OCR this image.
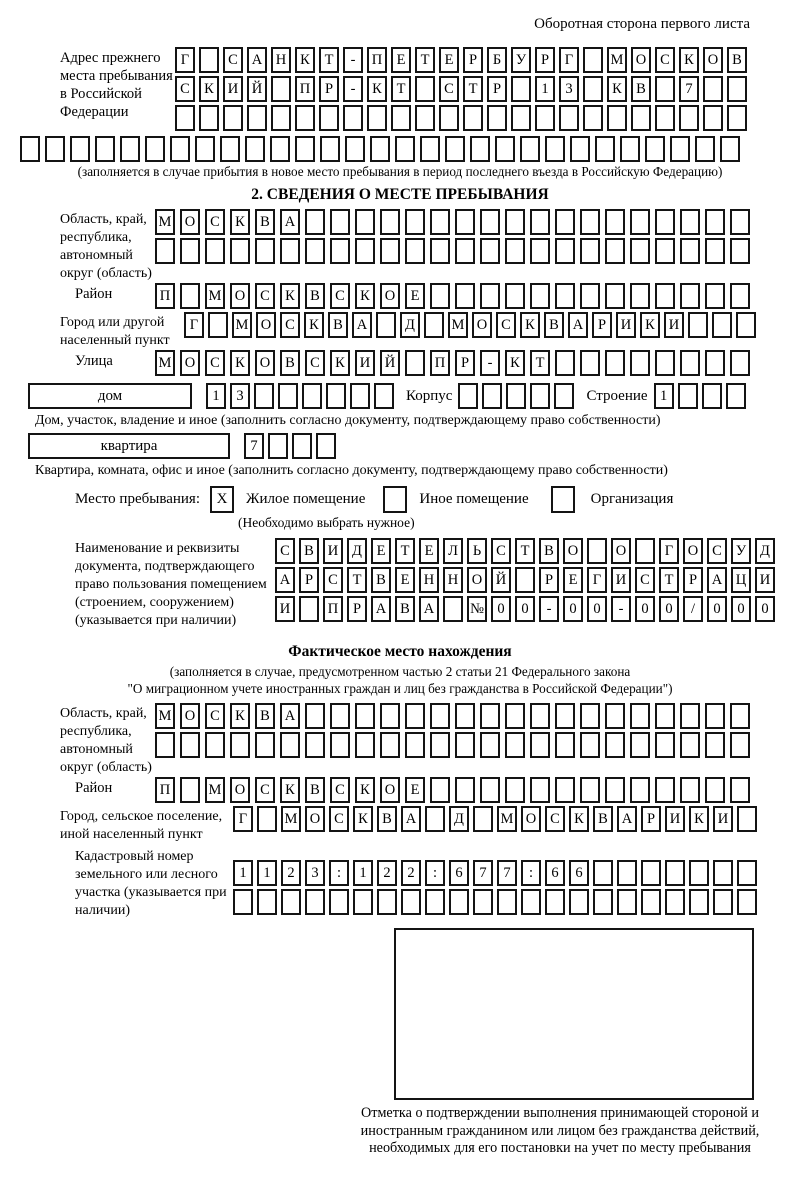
Оборотная сторона первого листа
Адрес прежнего места пребывания в Российской Федерации
Г	С А Н К	Т	-	П Е	Т	Е	Р	Б	У	Р	Г	М О С К О В
С К И Й	П	Р	-	К	Т	С	Т	Р	1	3	К В	7
(заполняется в случае прибытия в новое место пребывания в период последнего въезда в Российскую Федерацию)
2. СВЕДЕНИЯ О МЕСТЕ ПРЕБЫВАНИЯ
Область, край, республика, автономный округ (область)
М О	С	К	В	А
Район	П	М О	С	К	В	С	К	О	Е
Город или другой населенный пункт
Г	М О С К В А	Д	М О С К В А	Р	И К И
Улица	М О	С	К	О	В	С	К	И	Й	П	Р	-	К	Т
дом	1	3	Корпус	Строение 1
Дом, участок, владение и иное (заполнить согласно документу, подтверждающему право собственности)
квартира	7
Квартира, комната, офис и иное (заполнить согласно документу, подтверждающему право собственности)
Место пребывания:	X	Жилое помещение	Иное помещение	Организация
(Необходимо выбрать нужное)
Наименование и реквизиты документа, подтверждающего право пользования помещением (строением, сооружением) (указывается при наличии)
С В И Д	Е	Т	Е	Л	Ь	С	Т	В О	О	Г	О С У Д
А	Р	С	Т	В	Е Н Н О Й	Р	Е	Г	И С	Т	Р	А Ц И
И	П	Р	А В А	№ 0	0	-	0	0	-	0	0	/	0	0	0
Фактическое место нахождения
(заполняется в случае, предусмотренном частью 2 статьи 21 Федерального закона
"О миграционном учете иностранных граждан и лиц без гражданства в Российской Федерации")
Область, край, республика, автономный округ (область)
М О	С	К	В	А
Район	П	М О	С	К	В	С	К	О	Е
Город, сельское поселение, иной населенный пункт
Г	М О С К В А	Д	М О С К В А	Р	И К И
Кадастровый номер земельного или лесного участка (указывается при наличии)
1	1	2	3	:	1	2	2	:	6	7	7	:	6	6
Отметка о подтверждении выполнения принимающей стороной и иностранным гражданином или лицом без гражданства действий, необходимых для его постановки на учет по месту пребывания
